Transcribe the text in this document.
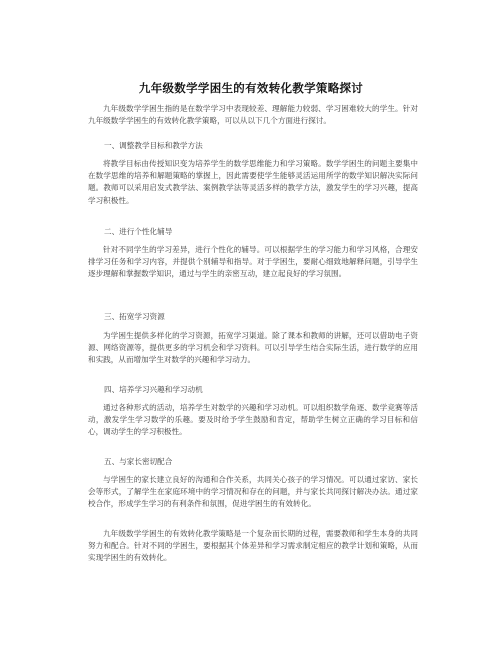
九年级数学学困生的有效转化教学策略探讨
九年级数学学困生指的是在数学学习中表现较差、理解能力较弱、学习困难较大的学生。针对九年级数学学困生的有效转化教学策略，可以从以下几个方面进行探讨。
一、调整教学目标和教学方法
将教学目标由传授知识变为培养学生的数学思维能力和学习策略。数学学困生的问题主要集中在数学思维的培养和解题策略的掌握上，因此需要使学生能够灵活运用所学的数学知识解决实际问题。教师可以采用启发式教学法、案例教学法等灵活多样的教学方法，激发学生的学习兴趣，提高学习积极性。
二、进行个性化辅导
针对不同学生的学习差异，进行个性化的辅导。可以根据学生的学习能力和学习风格，合理安排学习任务和学习内容，并提供个别辅导和指导。对于学困生，要耐心细致地解释问题，引导学生逐步理解和掌握数学知识，通过与学生的亲密互动，建立起良好的学习氛围。
三、拓宽学习资源
为学困生提供多样化的学习资源，拓宽学习渠道。除了课本和教师的讲解，还可以借助电子资源、网络资源等，提供更多的学习机会和学习资料。可以引导学生结合实际生活，进行数学的应用和实践，从而增加学生对数学的兴趣和学习动力。
四、培养学习兴趣和学习动机
通过各种形式的活动，培养学生对数学的兴趣和学习动机。可以组织数学角逐、数学竞赛等活动，激发学生学习数学的乐趣。要及时给予学生鼓励和肯定，帮助学生树立正确的学习目标和信心，调动学生的学习积极性。
五、与家长密切配合
与学困生的家长建立良好的沟通和合作关系，共同关心孩子的学习情况。可以通过家访、家长会等形式，了解学生在家庭环境中的学习情况和存在的问题，并与家长共同探讨解决办法。通过家校合作，形成学生学习的有利条件和氛围，促进学困生的有效转化。
九年级数学学困生的有效转化教学策略是一个复杂而长期的过程，需要教师和学生本身的共同努力和配合。针对不同的学困生，要根据其个体差异和学习需求制定相应的教学计划和策略，从而实现学困生的有效转化。
